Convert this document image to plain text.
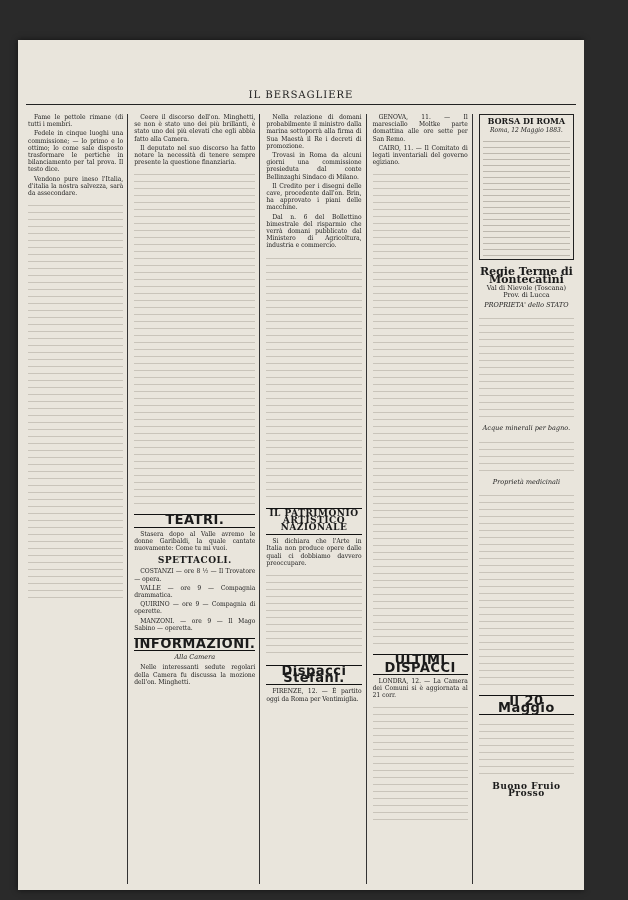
IL BERSAGLIERE

Fame le pettole rimane (di tutti i membri.

Fedele in cinque luoghi una commissione; — lo primo e lo ottimo; lo come sale disposto trasformare le pertiche in bilanciamento per tal prova. Il testo dice.

Vendono pure ineso l'Italia, d'italia la nostra salvezza, sarà da assecondare.

Ceere il discorso dell'on. Minghetti, se non è stato uno dei più brillanti, è stato uno dei più elevati che egli abbia fatto alla Camera.

Il deputato nel suo discorso ha fatto notare la necessità di tenere sempre presente la questione finanziaria.

TEATRI.

Stasera dopo al Valle avremo le donne Garibaldi, la quale cantate nuovamente: Come tu mi vuoi.

SPETTACOLI.

COSTANZI — ore 8 ½ — Il Trovatore — opera.

VALLE — ore 9 — Compagnia drammatica.

QUIRINO — ore 9 — Compagnia di operette.

MANZONI. — ore 9 — Il Mago Sabino — operetta.

INFORMAZIONI.
Alla Camera

Nelle interessanti sedute regolari della Camera fu discussa la mozione dell'on. Minghetti.

Nella relazione di domani probabilmente il ministro dalla marina sottoporrà alla firma di Sua Maestà il Re i decreti di promozione.

Trovasi in Roma da alcuni giorni una commissione presieduta dal conte Bellinzaghi Sindaco di Milano.

Il Credito per i disegni delle cave, procedente dall'on. Brin, ha approvato i piani delle macchine.

Dal n. 6 del Bollettino bimestrale del risparmio che verrà domani pubblicato dal Ministero di Agricoltura, industria e commercio.

IL PATRIMONIO ARTISTICO NAZIONALE

Si dichiara che l'Arte in Italia non produce opere dalle quali ci dobbiamo davvero preoccupare.

Dispacci Stefani.

FIRENZE, 12. — È partito oggi da Roma per Ventimiglia.

GENOVA, 11. — Il maresciallo Moltke parte domattina alle ore sette per San Remo.

CAIRO, 11. — Il Comitato di legati inventariali del governo egiziano.

ULTIMI DISPACCI

LONDRA, 12. — La Camera dei Comuni si è aggiornata al 21 corr.

BORSA DI ROMA
Roma, 12 Maggio 1883.
Regie Terme di Montecatini
Val di Nievole (Toscana) Prov. di Lucca
PROPRIETA' dello STATO
Acque minerali per bagno.
Proprietà medicinali
Il 20 Maggio
Buono Fruio Prosso
